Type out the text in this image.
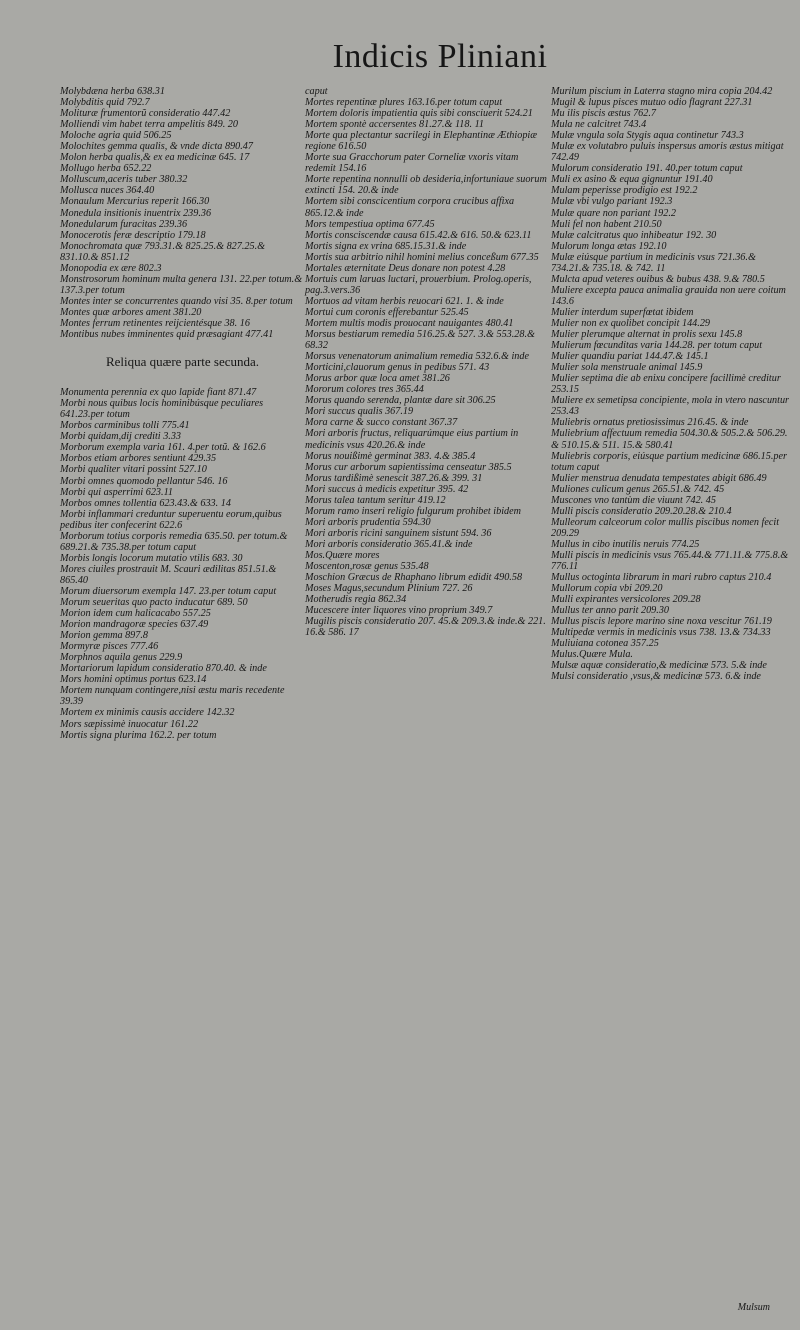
Indicis Pliniani
Molybdæna herba 638.31
Molybditis quid 792.7
Molituræ frumentorũ consideratio 447.42
Molliendi vim habet terra ampelitis 849. 20
Moloche agria quid 506.25
Molochites gemma qualis, & vnde dicta 890.47
Molon herba qualis,& ex ea medicinæ 645. 17
Mollugo herba 652.22
Molluscum,aceris tuber 380.32
Mollusca nuces 364.40
Monaulum Mercurius reperit 166.30
Monedula insitionis inuentrix 239.36
Monedularum furacitas 239.36
Monocerotis feræ descriptio 179.18
Monochromata quæ 793.31.& 825.25.& 827.25.& 831.10.& 851.12
Monopodia ex ære 802.3
Monstrosorum hominum multa genera 131. 22.per totum.& 137.3.per totum
Montes inter se concurrentes quando visi 35. 8.per totum
Montes quæ arbores ament 381.20
Montes ferrum retinentes reijcientésque 38. 16
Montibus nubes imminentes quid præsagiant 477.41
Reliqua quære parte secunda.
Monumenta perennia ex quo lapide fiant 871.47
Morbi nous quibus locis hominibúsque peculiares 641.23.per totum
Morbos carminibus tolli 775.41
Morbi quidam,dij crediti 3.33
Morborum exempla varia 161. 4.per totũ. & 162.6
Morbos etiam arbores sentiunt 429.35
Morbi qualiter vitari possint 527.10
Morbi omnes quomodo pellantur 546. 16
Morbi qui asperrimi 623.11
Morbos omnes tollentia 623.43.& 633. 14
Morbi inflammari creduntur superuentu eorum,quibus pedibus iter confecerint 622.6
Morborum totius corporis remedia 635.50. per totum.& 689.21.& 735.38.per totum caput
Morbis longis locorum mutatio vtilis 683. 30
Mores ciuiles prostrauit M. Scauri ædilitas 851.51.& 865.40
Morum diuersorum exempla 147. 23.per totum caput
Morum seueritas quo pacto inducatur 689. 50
Morion idem cum halicacabo 557.25
Morion mandragoræ species 637.49
Morion gemma 897.8
Mormyræ pisces 777.46
Morphnos aquila genus 229.9
Mortariorum lapidum consideratio 870.40. & inde
Mors homini optimus portus 623.14
Mortem nunquam contingere,nisi æstu maris recedente 39.39
Mortem ex minimis causis accidere 142.32
Mors sæpissimè inuocatur 161.22
Mortis signa plurima 162.2. per totum
caput
Mortes repentinæ plures 163.16.per totum caput
Mortem doloris impatientia quis sibi consciuerit 524.21
Mortem spontè accersentes 81.27.& 118. 11
Morte qua plectantur sacrilegi in Elephantinæ Æthiopiæ regione 616.50
Morte sua Gracchorum pater Corneliæ vxoris vitam redemit 154.16
Morte repentina nonnulli ob desideria,infortuniaue suorum extincti 154. 20.& inde
Mortem sibi conscicentium corpora crucibus affixa 865.12.& inde
Mors tempestiua optima 677.45
Mortis consciscendæ causa 615.42.& 616. 50.& 623.11
Mortis signa ex vrina 685.15.31.& inde
Mortis sua arbitrio nihil homini melius conceßum 677.35
Mortales æternitate Deus donare non potest 4.28
Mortuis cum laruas luctari, prouerbium. Prolog.operis, pag.3.vers.36
Mortuos ad vitam herbis reuocari 621. 1. & inde
Mortui cum coronis efferebantur 525.45
Mortem multis modis prouocant nauigantes 480.41
Morsus bestiarum remedia 516.25.& 527. 3.& 553.28.& 68.32
Morsus venenatorum animalium remedia 532.6.& inde
Morticini,clauorum genus in pedibus 571. 43
Morus arbor quæ loca amet 381.26
Mororum colores tres 365.44
Morus quando serenda, plantæ dare sit 306.25
Mori succus qualis 367.19
Mora carne & succo constant 367.37
Mori arboris fructus, reliquarúmque eius partium in medicinis vsus 420.26.& inde
Morus nouißimè germinat 383. 4.& 385.4
Morus cur arborum sapientissima censeatur 385.5
Morus tardißimè senescit 387.26.& 399. 31
Mori succus à medicis expetitur 395. 42
Morus talea tantum seritur 419.12
Morum ramo inseri religio fulgurum prohibet ibidem
Mori arboris prudentia 594.30
Mori arboris ricini sanguinem sistunt 594. 36
Mori arboris consideratio 365.41.& inde
Mos.Quære mores
Moscenton,rosæ genus 535.48
Moschion Græcus de Rhaphano librum edidit 490.58
Moses Magus,secundum Plinium 727. 26
Motherudis regia 862.34
Mucescere inter liquores vino proprium 349.7
Mugilis piscis consideratio 207. 45.& 209.3.& inde.& 221. 16.& 586. 17
Murilum piscium in Laterra stagno mira copia 204.42
Mugil & lupus pisces mutuo odio flagrant 227.31
Mu ilis piscis æstus 762.7
Mula ne calcitret 743.4
Mulæ vngula sola Stygis aqua continetur 743.3
Mulæ ex volutabro puluis inspersus amoris æstus mitigat 742.49
Mulorum consideratio 191. 40.per totum caput
Muli ex asino & equa gignuntur 191.40
Mulam peperisse prodigio est 192.2
Mulæ vbi vulgo pariant 192.3
Mulæ quare non pariant 192.2
Muli fel non habent 210.50
Mulæ calcitratus quo inhibeatur 192. 30
Mulorum longa ætas 192.10
Mulæ eiúsque partium in medicinis vsus 721.36.& 734.21.& 735.18. & 742. 11
Mulcta apud veteres ouibus & bubus 438. 9.& 780.5
Muliere excepta pauca animalia grauida non uere coitum 143.6
Mulier interdum superfœtat ibidem
Mulier non ex quolibet concipit 144.29
Mulier plerumque alternat in prolis sexu 145.8
Mulierum fœcunditas varia 144.28. per totum caput
Mulier quandiu pariat 144.47.& 145.1
Mulier sola menstruale animal 145.9
Mulier septima die ab enixu concipere facillimè creditur 253.15
Muliere ex semetipsa concipiente, mola in vtero nascuntur 253.43
Muliebris ornatus pretiosissimus 216.45. & inde
Muliebrium affectuum remedia 504.30.& 505.2.& 506.29. & 510.15.& 511. 15.& 580.41
Muliebris corporis, eiúsque partium medicinæ 686.15.per totum caput
Mulier menstrua denudata tempestates abigit 686.49
Muliones culicum genus 265.51.& 742. 45
Muscones vno tantùm die viuunt 742. 45
Mulli piscis consideratio 209.20.28.& 210.4
Mulleorum calceorum color mullis piscibus nomen fecit 209.29
Mullus in cibo inutilis neruis 774.25
Mulli piscis in medicinis vsus 765.44.& 771.11.& 775.8.& 776.11
Mullus octoginta librarum in mari rubro captus 210.4
Mullorum copia vbi 209.20
Mulli expirantes versicolores 209.28
Mullus ter anno parit 209.30
Mullus piscis lepore marino sine noxa vescitur 761.19
Multipedæ vermis in medicinis vsus 738. 13.& 734.33
Muliuiana cotonea 357.25
Mulus.Quære Mula.
Mulsæ aquæ consideratio,& medicinæ 573. 5.& inde
Mulsi consideratio ,vsus,& medicinæ 573. 6.& inde
Mulsum
